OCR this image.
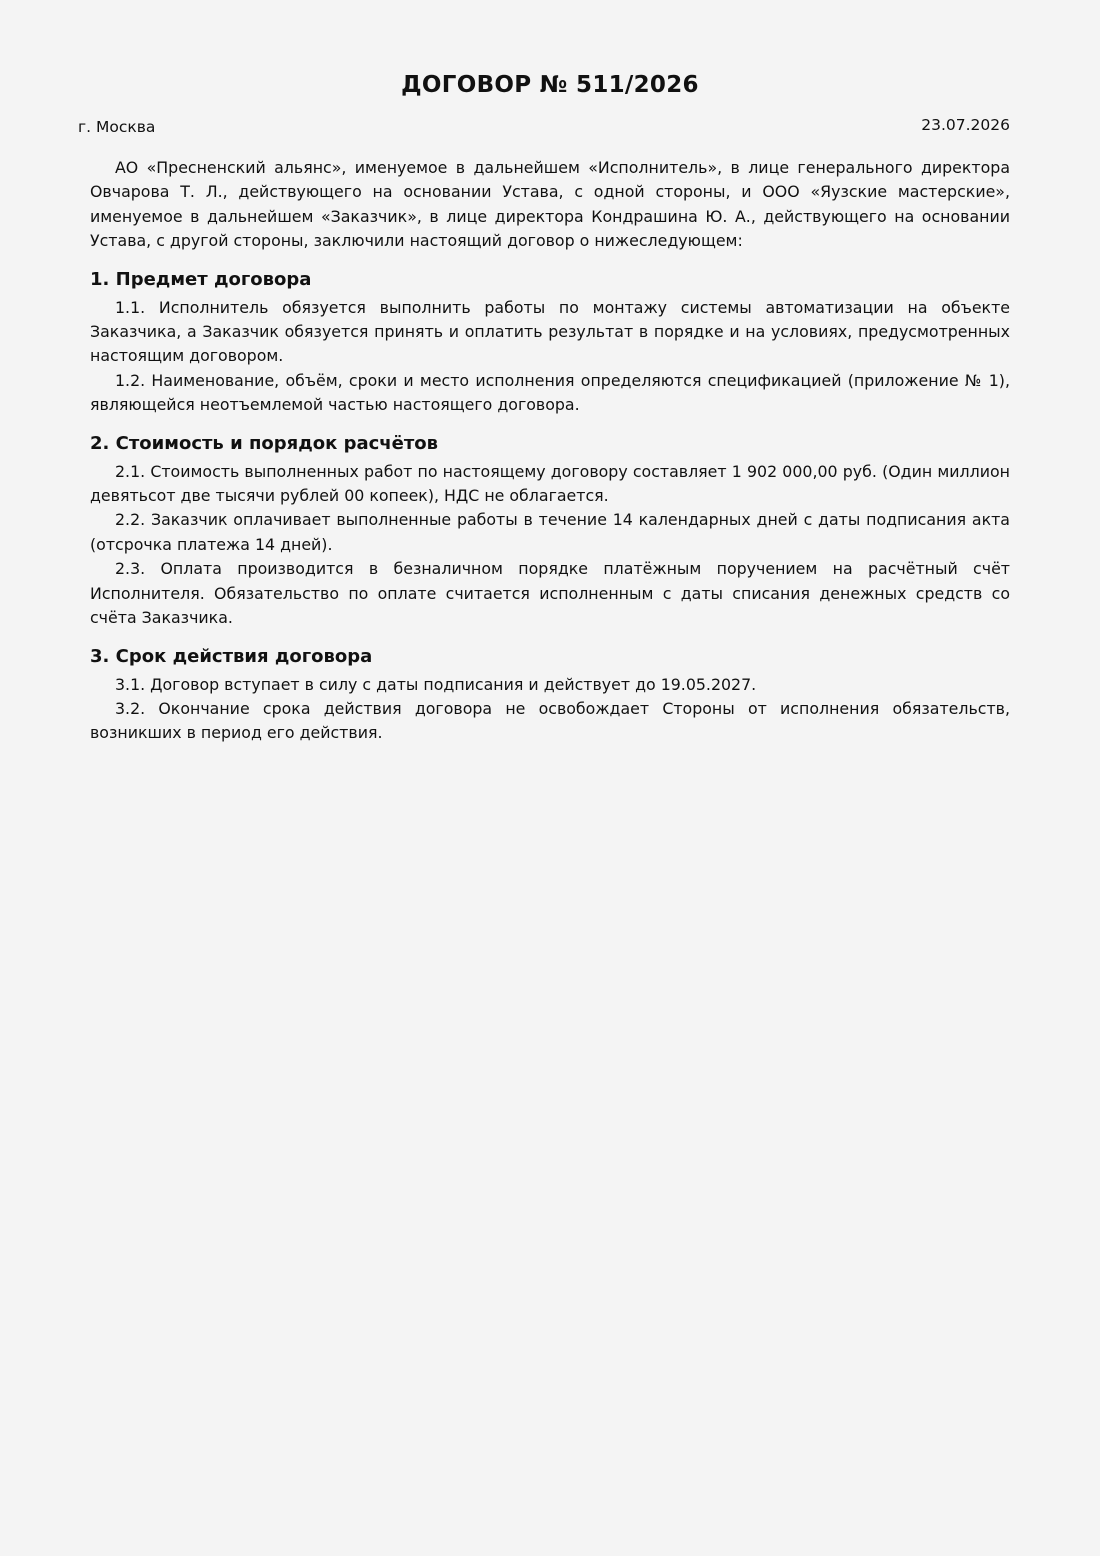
ДОГОВОР № 511/2026
г. Москва	23.07.2026

АО «Пресненский альянс», именуемое в дальнейшем «Исполнитель», в лице генерального директора Овчарова Т. Л., действующего на основании Устава, с одной стороны, и ООО «Яузские мастерские», именуемое в дальнейшем «Заказчик», в лице директора Кондрашина Ю. А., действующего на основании Устава, с другой стороны, заключили настоящий договор о нижеследующем:

1. Предмет договора

1.1. Исполнитель обязуется выполнить работы по монтажу системы автоматизации на объекте Заказчика, а Заказчик обязуется принять и оплатить результат в порядке и на условиях, предусмотренных настоящим договором.

1.2. Наименование, объём, сроки и место исполнения определяются спецификацией (приложение № 1), являющейся неотъемлемой частью настоящего договора.

2. Стоимость и порядок расчётов

2.1. Стоимость выполненных работ по настоящему договору составляет 1 902 000,00 руб. (Один миллион девятьсот две тысячи рублей 00 копеек), НДС не облагается.

2.2. Заказчик оплачивает выполненные работы в течение 14 календарных дней с даты подписания акта (отсрочка платежа 14 дней).

2.3. Оплата производится в безналичном порядке платёжным поручением на расчётный счёт Исполнителя. Обязательство по оплате считается исполненным с даты списания денежных средств со счёта Заказчика.

3. Срок действия договора

3.1. Договор вступает в силу с даты подписания и действует до 19.05.2027.

3.2. Окончание срока действия договора не освобождает Стороны от исполнения обязательств, возникших в период его действия.
